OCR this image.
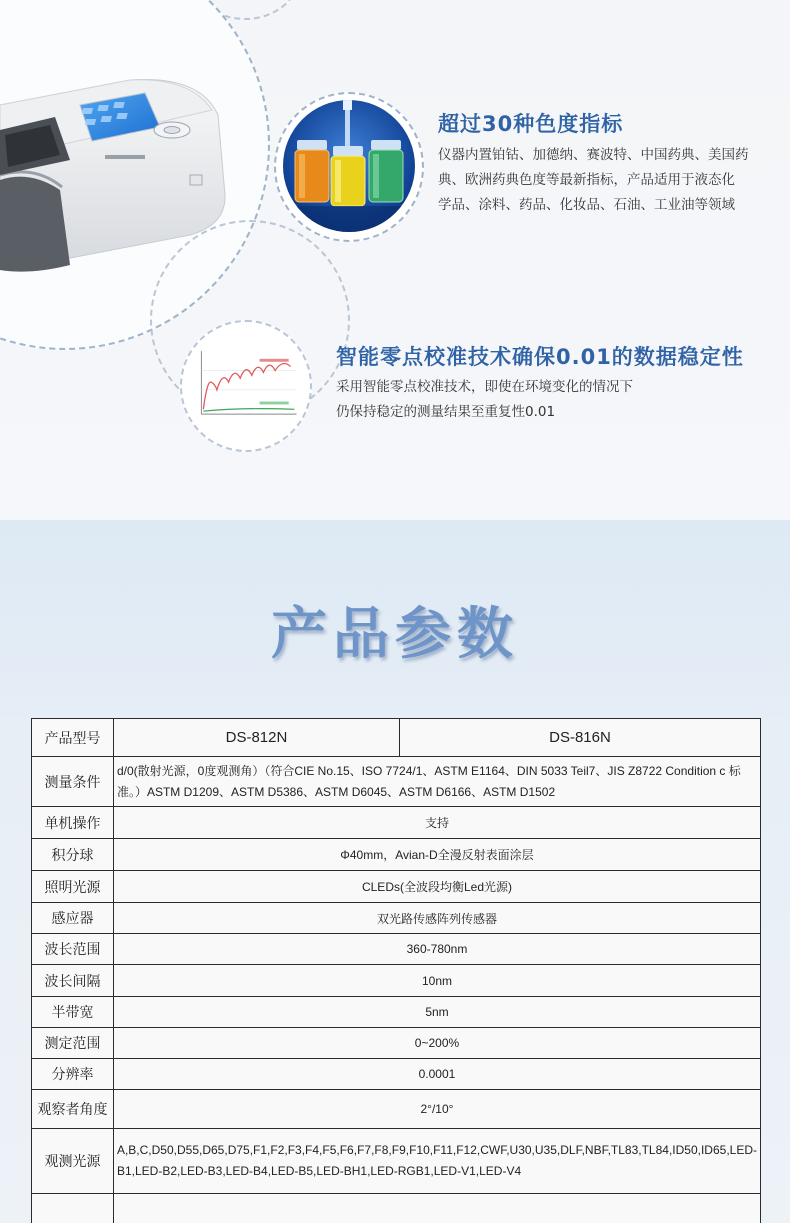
超过30种色度指标
仪器内置铂钴、加德纳、赛波特、中国药典、美国药
典、欧洲药典色度等最新指标，产品适用于液态化
学品、涂料、药品、化妆品、石油、工业油等领域
智能零点校准技术确保0.01的数据稳定性
采用智能零点校准技术，即使在环境变化的情况下
仍保持稳定的测量结果至重复性0.01
产品参数
产品型号	DS-812N	DS-816N
测量条件	d/0(散射光源，0度观测角）（符合CIE No.15、ISO 7724/1、ASTM E1164、DIN 5033 Teil7、JIS Z8722 Condition c 标准。）ASTM D1209、ASTM D5386、ASTM D6045、ASTM D6166、ASTM D1502	
单机操作	支持	
积分球	Φ40mm，Avian-D全漫反射表面涂层	
照明光源	CLEDs(全波段均衡Led光源)	
感应器	双光路传感阵列传感器	
波长范围	360-780nm	
波长间隔	10nm	
半带宽	5nm	
测定范围	0~200%	
分辨率	0.0001	
观察者角度	2°/10°	
观测光源	A,B,C,D50,D55,D65,D75,F1,F2,F3,F4,F5,F6,F7,F8,F9,F10,F11,F12,CWF,U30,U35,DLF,NBF,TL83,TL84,ID50,ID65,LED-B1,LED-B2,LED-B3,LED-B4,LED-B5,LED-BH1,LED-RGB1,LED-V1,LED-V4	
